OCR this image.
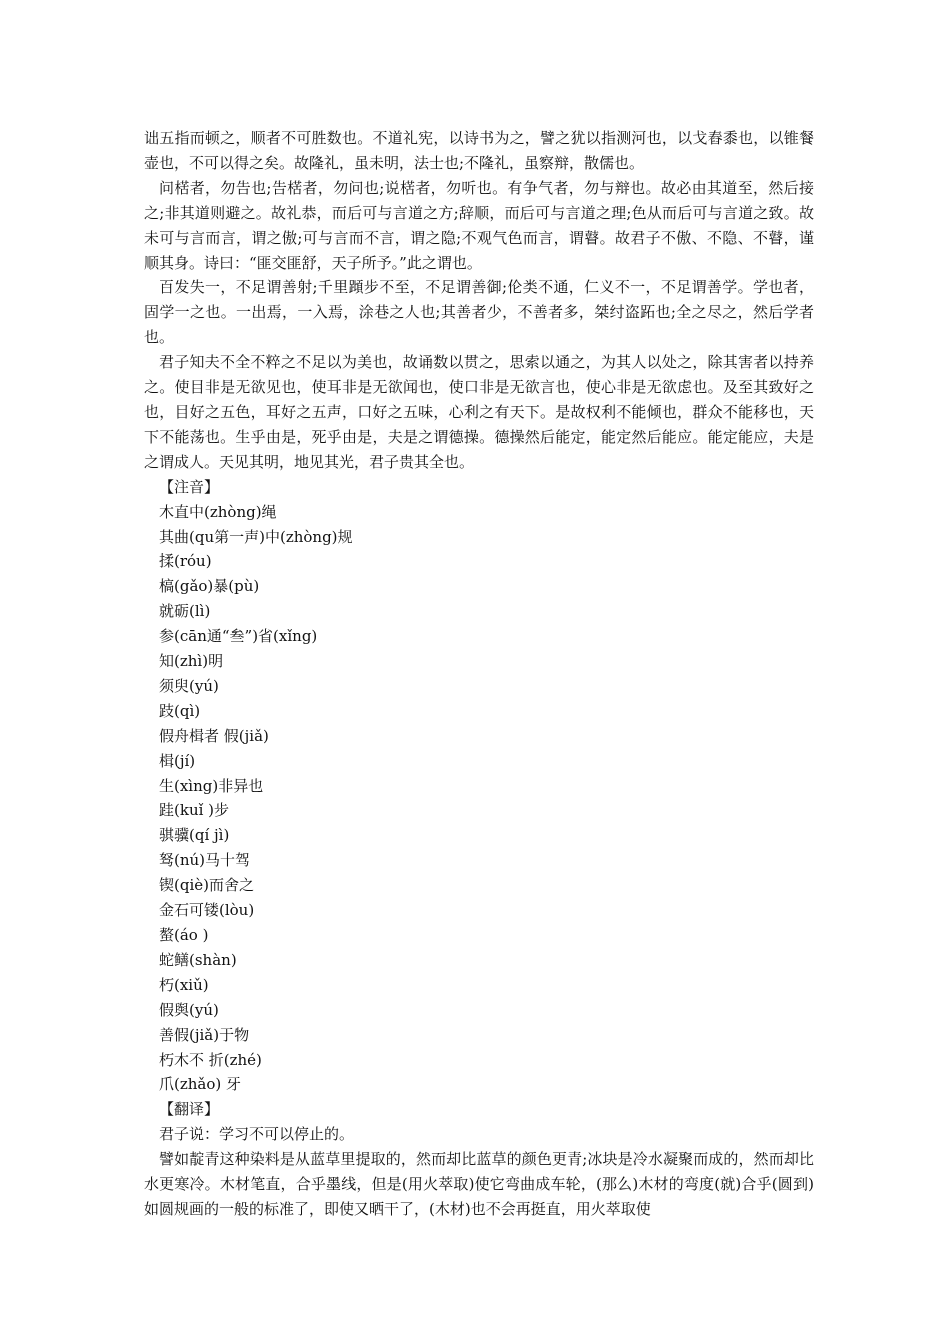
诎五指而顿之，顺者不可胜数也。不道礼宪，以诗书为之，譬之犹以指测河也，以戈舂黍也，以锥餐壶也，不可以得之矣。故隆礼，虽未明，法士也;不隆礼，虽察辩，散儒也。

问楛者，勿告也;告楛者，勿问也;说楛者，勿听也。有争气者，勿与辩也。故必由其道至，然后接之;非其道则避之。故礼恭，而后可与言道之方;辞顺，而后可与言道之理;色从而后可与言道之致。故未可与言而言，谓之傲;可与言而不言，谓之隐;不观气色而言，谓瞽。故君子不傲、不隐、不瞽，谨顺其身。诗曰：“匪交匪舒，天子所予。”此之谓也。

百发失一，不足谓善射;千里蹞步不至，不足谓善御;伦类不通，仁义不一，不足谓善学。学也者，固学一之也。一出焉，一入焉，涂巷之人也;其善者少，不善者多，桀纣盗跖也;全之尽之，然后学者也。

君子知夫不全不粹之不足以为美也，故诵数以贯之，思索以通之，为其人以处之，除其害者以持养之。使目非是无欲见也，使耳非是无欲闻也，使口非是无欲言也，使心非是无欲虑也。及至其致好之也，目好之五色，耳好之五声，口好之五味，心利之有天下。是故权利不能倾也，群众不能移也，天下不能荡也。生乎由是，死乎由是，夫是之谓德操。德操然后能定，能定然后能应。能定能应，夫是之谓成人。天见其明，地见其光，君子贵其全也。

【注音】

木直中(zhòng)绳

其曲(qu第一声)中(zhòng)规

揉(róu)

槁(gǎo)暴(pù)

就砺(lì)

参(cān通“叁”)省(xǐng)

知(zhì)明

须臾(yú)

跂(qì)

假舟楫者 假(jiǎ)

楫(jí)

生(xìng)非异也

跬(kuǐ )步

骐骥(qí jì)

驽(nú)马十驾

锲(qiè)而舍之

金石可镂(lòu)

螯(áo )

蛇鳝(shàn)

朽(xiǔ)

假舆(yú)

善假(jiǎ)于物

朽木不 折(zhé)

爪(zhǎo) 牙

【翻译】

君子说：学习不可以停止的。

譬如靛青这种染料是从蓝草里提取的，然而却比蓝草的颜色更青;冰块是冷水凝聚而成的，然而却比水更寒冷。木材笔直，合乎墨线，但是(用火萃取)使它弯曲成车轮，(那么)木材的弯度(就)合乎(圆到)如圆规画的一般的标准了，即使又晒干了，(木材)也不会再挺直，用火萃取使
